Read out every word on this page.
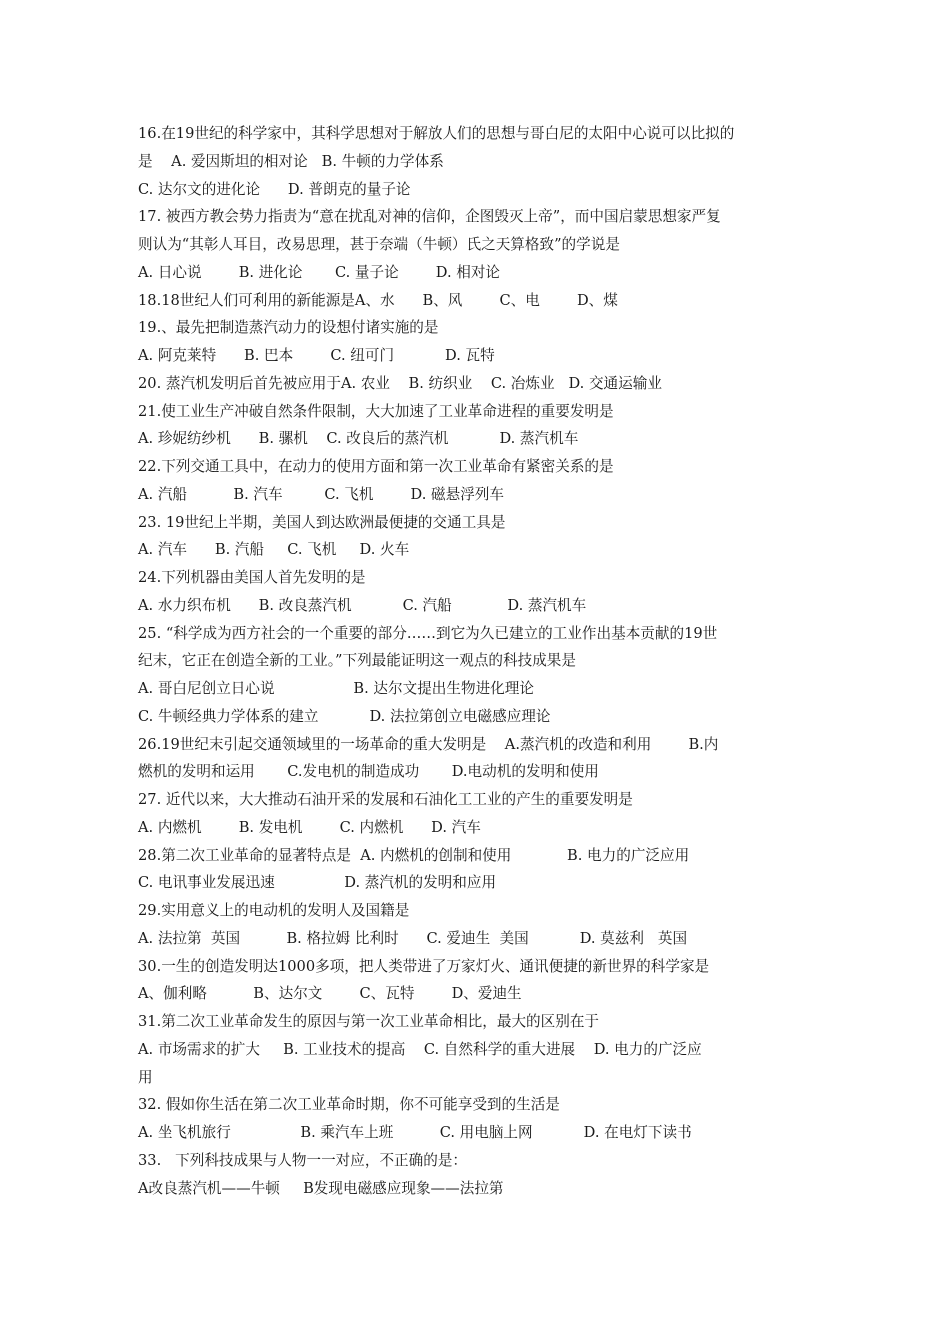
16.在19世纪的科学家中，其科学思想对于解放人们的思想与哥白尼的太阳中心说可以比拟的
是    A. 爱因斯坦的相对论   B. 牛顿的力学体系
C. 达尔文的进化论      D. 普朗克的量子论
17. 被西方教会势力指责为“意在扰乱对神的信仰，企图毁灭上帝”，而中国启蒙思想家严复
则认为“其彰人耳目，改易思理，甚于奈端（牛顿）氏之天算格致”的学说是
A. 日心说        B. 进化论       C. 量子论        D. 相对论
18.18世纪人们可利用的新能源是A、水      B、风        C、电        D、煤
19.、最先把制造蒸汽动力的设想付诸实施的是
A. 阿克莱特      B. 巴本        C. 纽可门           D. 瓦特
20. 蒸汽机发明后首先被应用于A. 农业    B. 纺织业    C. 冶炼业   D. 交通运输业
21.使工业生产冲破自然条件限制，大大加速了工业革命进程的重要发明是
A. 珍妮纺纱机      B. 骡机    C. 改良后的蒸汽机           D. 蒸汽机车
22.下列交通工具中，在动力的使用方面和第一次工业革命有紧密关系的是
A. 汽船          B. 汽车         C. 飞机        D. 磁悬浮列车
23. 19世纪上半期，美国人到达欧洲最便捷的交通工具是
A. 汽车      B. 汽船     C. 飞机     D. 火车
24.下列机器由美国人首先发明的是
A. 水力织布机      B. 改良蒸汽机           C. 汽船            D. 蒸汽机车
25. “科学成为西方社会的一个重要的部分……到它为久已建立的工业作出基本贡献的19世
纪末，它正在创造全新的工业。”下列最能证明这一观点的科技成果是
A. 哥白尼创立日心说                 B. 达尔文提出生物进化理论
C. 牛顿经典力学体系的建立           D. 法拉第创立电磁感应理论
26.19世纪末引起交通领域里的一场革命的重大发明是    A.蒸汽机的改造和利用        B.内
燃机的发明和运用       C.发电机的制造成功       D.电动机的发明和使用
27. 近代以来，大大推动石油开采的发展和石油化工工业的产生的重要发明是
A. 内燃机        B. 发电机        C. 内燃机      D. 汽车
28.第二次工业革命的显著特点是  A. 内燃机的创制和使用            B. 电力的广泛应用
C. 电讯事业发展迅速               D. 蒸汽机的发明和应用
29.实用意义上的电动机的发明人及国籍是
A. 法拉第  英国          B. 格拉姆 比利时      C. 爱迪生  美国           D. 莫兹利   英国
30.一生的创造发明达1000多项，把人类带进了万家灯火、通讯便捷的新世界的科学家是
A、伽利略          B、达尔文        C、瓦特        D、爱迪生
31.第二次工业革命发生的原因与第一次工业革命相比，最大的区别在于
A. 市场需求的扩大     B. 工业技术的提高    C. 自然科学的重大进展    D. 电力的广泛应
用
32. 假如你生活在第二次工业革命时期，你不可能享受到的生活是
A. 坐飞机旅行               B. 乘汽车上班          C. 用电脑上网           D. 在电灯下读书
33.   下列科技成果与人物一一对应，不正确的是：
A改良蒸汽机——牛顿     B发现电磁感应现象——法拉第
